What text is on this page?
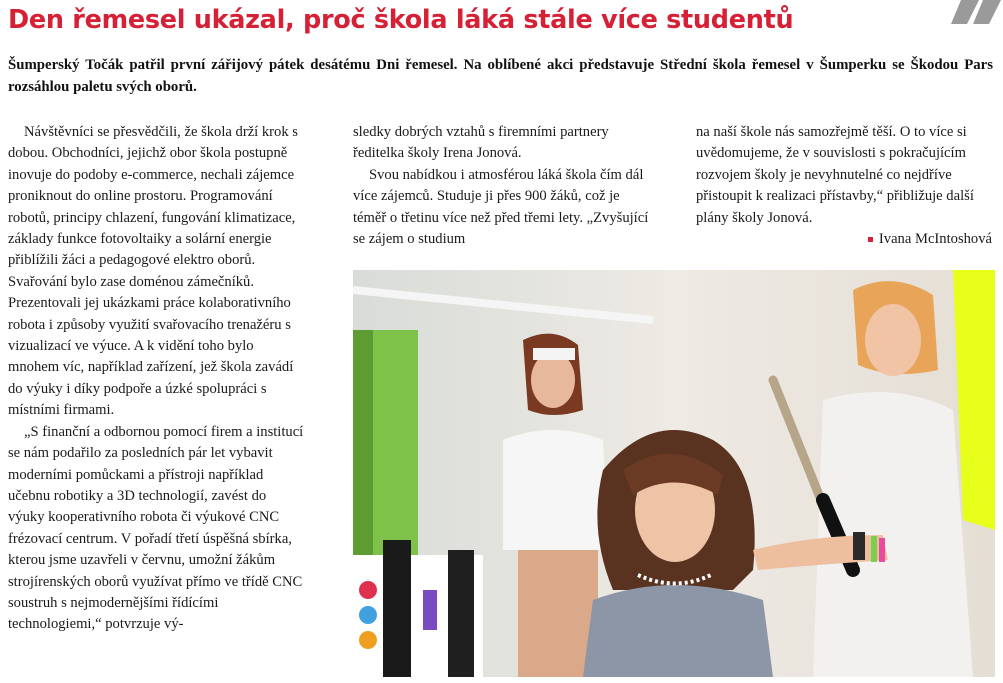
Den řemesel ukázal, proč škola láká stále více studentů

Šumperský Točák patřil první zářijový pátek desátému Dni řemesel. Na oblíbené akci představuje Střední škola řemesel v Šumperku se Škodou Pars rozsáhlou paletu svých oborů.

Návštěvníci se přesvědčili, že škola drží krok s dobou. Obchodníci, jejichž obor škola postupně inovuje do podoby e-commerce, nechali zájemce proniknout do online prostoru. Programování robotů, principy chlazení, fungování klimatizace, základy funkce fotovoltaiky a solární energie přiblížili žáci a pedagogové elektro oborů. Svařování bylo zase doménou zámečníků. Prezentovali jej ukázkami práce kolaborativního robota i způsoby využití svařovacího trenažéru s vizualizací ve výuce. A k vidění toho bylo mnohem víc, například zařízení, jež škola zavádí do výuky i díky podpoře a úzké spolupráci s místními firmami.

„S finanční a odbornou pomocí firem a institucí se nám podařilo za posledních pár let vybavit moderními pomůckami a přístroji například učebnu robotiky a 3D technologií, zavést do výuky kooperativního robota či výukové CNC frézovací centrum. V pořadí třetí úspěšná sbírka, kterou jsme uzavřeli v červnu, umožní žákům strojírenských oborů využívat přímo ve třídě CNC soustruh s nejmodernějšími řídícími technologiemi,“ potvrzuje vý-

sledky dobrých vztahů s firemními partnery ředitelka školy Irena Jonová.

Svou nabídkou i atmosférou láká škola čím dál více zájemců. Studuje ji přes 900 žáků, což je téměř o třetinu více než před třemi lety. „Zvyšující se zájem o studium

na naší škole nás samozřejmě těší. O to více si uvědomujeme, že v souvislosti s pokračujícím rozvojem školy je nevyhnutelné co nejdříve přistoupit k realizaci přístavby,“ přibližuje další plány školy Jonová.

Ivana McIntoshová
